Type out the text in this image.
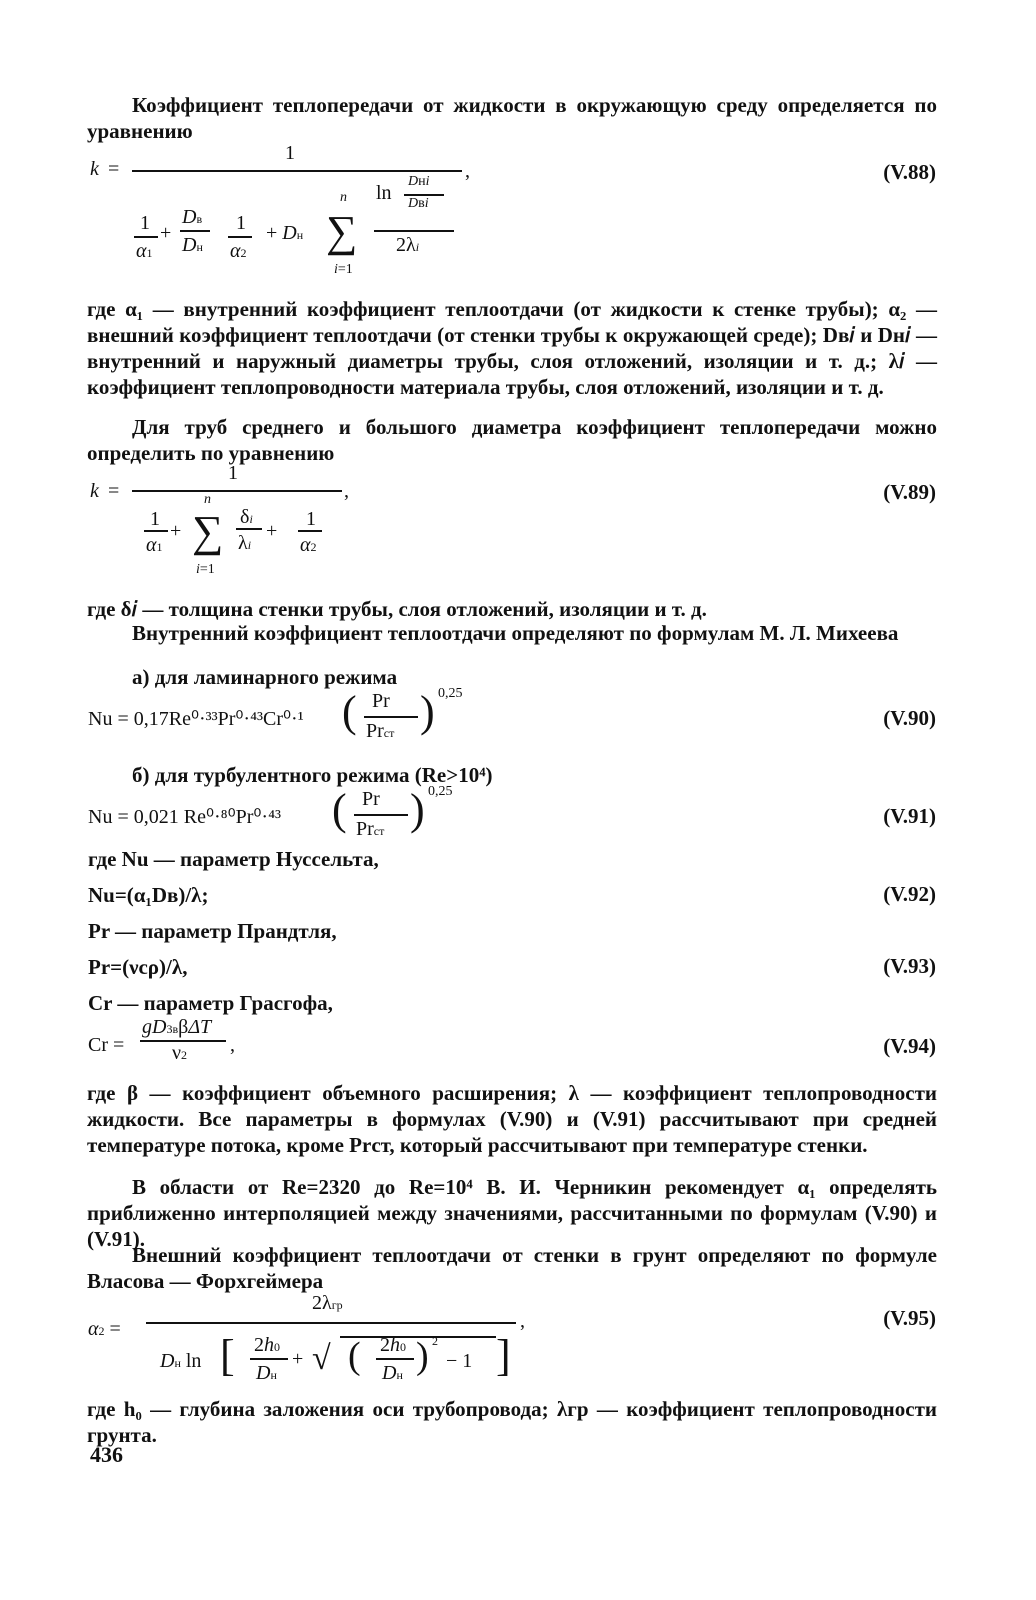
Коэффициент теплопередачи от жидкости в окружающую среду определяется по уравнению
k =
1
,
1
α1
+
Dв
Dн
1
α2
+ Dн
n
∑
i=1
ln
Dнi
Dвi
2λi
(V.88)
где α₁ — внутренний коэффициент теплоотдачи (от жидкости к стенке трубы); α₂ — внешний коэффициент теплоотдачи (от стенки трубы к окружающей среде); Dв𝑖 и Dн𝑖 — внутренний и наружный диаметры трубы, слоя отложений, изоляции и т. д.; λ𝑖 — коэффициент теплопроводности материала трубы, слоя отложений, изоляции и т. д.
Для труб среднего и большого диаметра коэффициент теплопередачи можно определить по уравнению
k =
1
,
n
1
α1
+ ∑
i=1
δi
λi
+
1
α2
(V.89)
где δ𝑖 — толщина стенки трубы, слоя отложений, изоляции и т. д.
Внутренний коэффициент теплоотдачи определяют по формулам М. Л. Михеева
а) для ламинарного режима
Nu = 0,17Re⁰·³³Pr⁰·⁴³Cr⁰·¹ ( Pr
Prст ) 0,25
(V.90)
б) для турбулентного режима (Re>10⁴)
Nu = 0,021 Re⁰·⁸⁰Pr⁰·⁴³ ( Pr
Prст ) 0,25
(V.91)
где Nu — параметр Нуссельта,
Nu=(α₁Dв)/λ;	(V.92)
Pr — параметр Прандтля,
Pr=(νcρ)/λ,	(V.93)
Cr — параметр Грасгофа,
Cr =
gD3вβΔT
ν2 ,	(V.94)
где β — коэффициент объемного расширения; λ — коэффициент теплопроводности жидкости. Все параметры в формулах (V.90) и (V.91) рассчитывают при средней температуре потока, кроме Prст, который рассчитывают при температуре стенки.
В области от Re=2320 до Re=10⁴ В. И. Черникин рекомендует α₁ определять приближенно интерполяцией между значениями, рассчитанными по формулам (V.90) и (V.91).
Внешний коэффициент теплоотдачи от стенки в грунт определяют по формуле Власова — Форхгеймера
α2 =
2λгр
,
Dн ln [ 2h0
Dн
+ √ ( 2h0
Dн ) 2
− 1 ]
(V.95)
где h₀ — глубина заложения оси трубопровода; λгр — коэффициент теплопроводности грунта.
436
